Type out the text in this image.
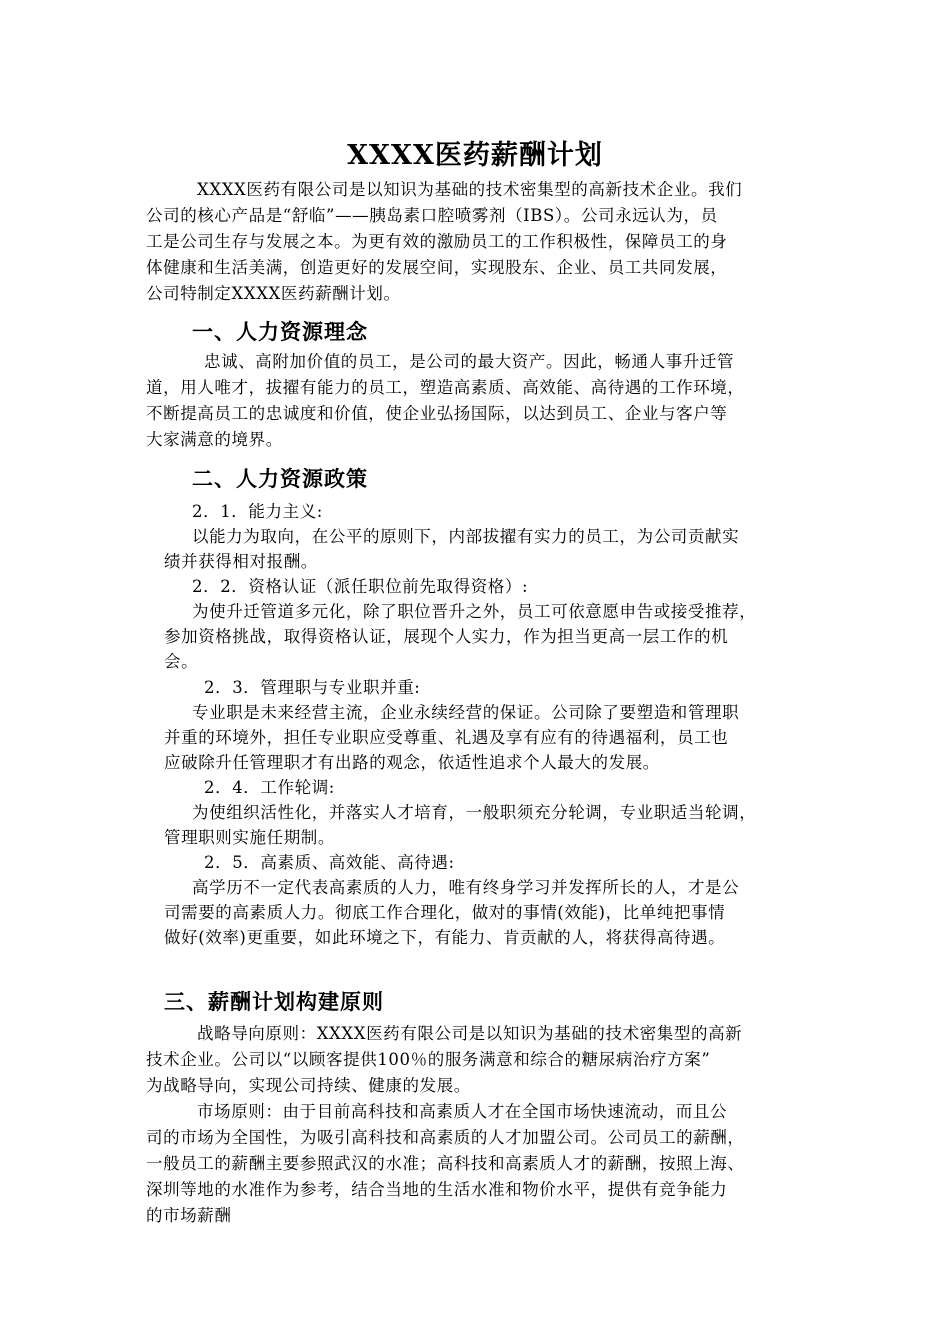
XXXX医药薪酬计划
XXXX医药有限公司是以知识为基础的技术密集型的高新技术企业。我们
公司的核心产品是“舒临”——胰岛素口腔喷雾剂（IBS）。公司永远认为，员
工是公司生存与发展之本。为更有效的激励员工的工作积极性，保障员工的身
体健康和生活美满，创造更好的发展空间，实现股东、企业、员工共同发展，
公司特制定XXXX医药薪酬计划。
一、人力资源理念
忠诚、高附加价值的员工，是公司的最大资产。因此，畅通人事升迁管
道，用人唯才，拔擢有能力的员工，塑造高素质、高效能、高待遇的工作环境，
不断提高员工的忠诚度和价值，使企业弘扬国际，以达到员工、企业与客户等
大家满意的境界。
二、人力资源政策
2．1．能力主义:
以能力为取向，在公平的原则下，内部拔擢有实力的员工，为公司贡献实
绩并获得相对报酬。
2．2．资格认证（派任职位前先取得资格）:
为使升迁管道多元化，除了职位晋升之外，员工可依意愿申告或接受推荐，
参加资格挑战，取得资格认证，展现个人实力，作为担当更高一层工作的机
会。
2．3．管理职与专业职并重:
专业职是未来经营主流，企业永续经营的保证。公司除了要塑造和管理职
并重的环境外，担任专业职应受尊重、礼遇及享有应有的待遇福利，员工也
应破除升任管理职才有出路的观念，依适性追求个人最大的发展。
2．4．工作轮调:
为使组织活性化，并落实人才培育，一般职须充分轮调，专业职适当轮调，
管理职则实施任期制。
2．5．高素质、高效能、高待遇:
高学历不一定代表高素质的人力，唯有终身学习并发挥所长的人，才是公
司需要的高素质人力。彻底工作合理化，做对的事情(效能)，比单纯把事情
做好(效率)更重要，如此环境之下，有能力、肯贡献的人，将获得高待遇。
三、薪酬计划构建原则
战略导向原则：XXXX医药有限公司是以知识为基础的技术密集型的高新
技术企业。公司以“以顾客提供100％的服务满意和综合的糖尿病治疗方案”
为战略导向，实现公司持续、健康的发展。
市场原则：由于目前高科技和高素质人才在全国市场快速流动，而且公
司的市场为全国性，为吸引高科技和高素质的人才加盟公司。公司员工的薪酬，
一般员工的薪酬主要参照武汉的水准；高科技和高素质人才的薪酬，按照上海、
深圳等地的水准作为参考，结合当地的生活水准和物价水平，提供有竞争能力
的市场薪酬
